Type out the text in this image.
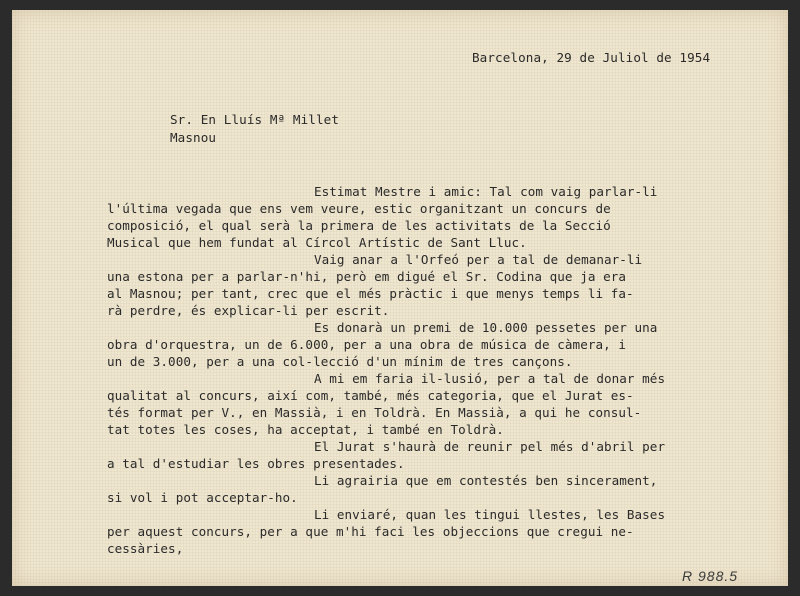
Barcelona, 29 de Juliol de 1954
Sr. En Lluís Mª Millet
Masnou
Estimat Mestre i amic: Tal com vaig parlar-li
l'última vegada que ens vem veure, estic organitzant un concurs de
composició, el qual serà la primera de les activitats de la Secció
Musical que hem fundat al Círcol Artístic de Sant Lluc.
Vaig anar a l'Orfeó per a tal de demanar-li
una estona per a parlar-n'hi, però em digué el Sr. Codina que ja era
al Masnou; per tant, crec que el més pràctic i que menys temps li fa-
rà perdre, és explicar-li per escrit.
Es donarà un premi de 10.000 pessetes per una
obra d'orquestra, un de 6.000, per a una obra de música de càmera, i
un de 3.000, per a una col-lecció d'un mínim de tres cançons.
A mi em faria il-lusió, per a tal de donar més
qualitat al concurs, així com, també, més categoria, que el Jurat es-
tés format per V., en Massià, i en Toldrà. En Massià, a qui he consul-
tat totes les coses, ha acceptat, i també en Toldrà.
El Jurat s'haurà de reunir pel més d'abril per
a tal d'estudiar les obres presentades.
Li agrairia que em contestés ben sincerament,
si vol i pot acceptar-ho.
Li enviaré, quan les tingui llestes, les Bases
per aquest concurs, per a que m'hi faci les objeccions que cregui ne-
cessàries,
R 988.5
